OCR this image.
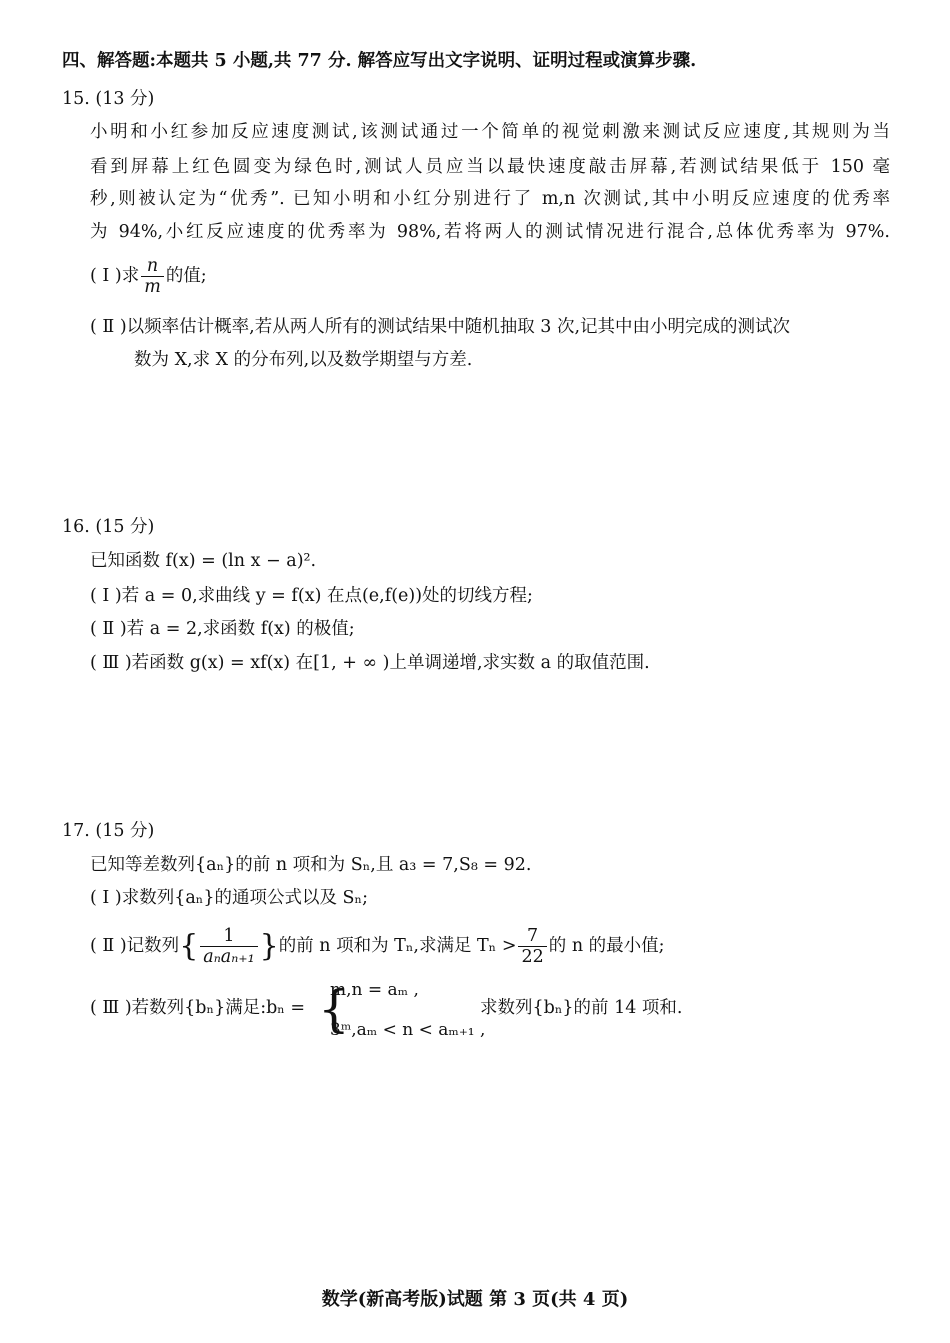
四、解答题:本题共 5 小题,共 77 分. 解答应写出文字说明、证明过程或演算步骤.
15. (13 分)
小明和小红参加反应速度测试,该测试通过一个简单的视觉刺激来测试反应速度,其规则为当
看到屏幕上红色圆变为绿色时,测试人员应当以最快速度敲击屏幕,若测试结果低于 150 毫
秒,则被认定为“优秀”. 已知小明和小红分别进行了 m,n 次测试,其中小明反应速度的优秀率
为 94%,小红反应速度的优秀率为 98%,若将两人的测试情况进行混合,总体优秀率为 97%.
( Ⅰ )求 $\frac{n}{m}$ 的值;
( Ⅱ )以频率估计概率,若从两人所有的测试结果中随机抽取 3 次,记其中由小明完成的测试次
数为 X,求 X 的分布列,以及数学期望与方差.
16. (15 分)
已知函数 f(x) = (ln x − a)².
( Ⅰ )若 a = 0,求曲线 y = f(x) 在点(e,f(e))处的切线方程;
( Ⅱ )若 a = 2,求函数 f(x) 的极值;
( Ⅲ )若函数 g(x) = xf(x) 在[1, + ∞ )上单调递增,求实数 a 的取值范围.
17. (15 分)
已知等差数列{aₙ}的前 n 项和为 Sₙ,且 a₃ = 7,S₈ = 92.
( Ⅰ )求数列{aₙ}的通项公式以及 Sₙ;
( Ⅱ )记数列{ $\frac{1}{\text{aₙaₙ₊₁}}$ }的前 n 项和为 Tₙ,求满足 $T_n > \frac{7}{22}$ 的 n 的最小值;
( Ⅲ )若数列{bₙ}满足:bₙ = {
m,n = aₘ ,
3ᵐ,aₘ < n < aₘ₊₁ ,
求数列{bₙ}的前 14 项和.
数学(新高考版)试题 第 3 页(共 4 页)
